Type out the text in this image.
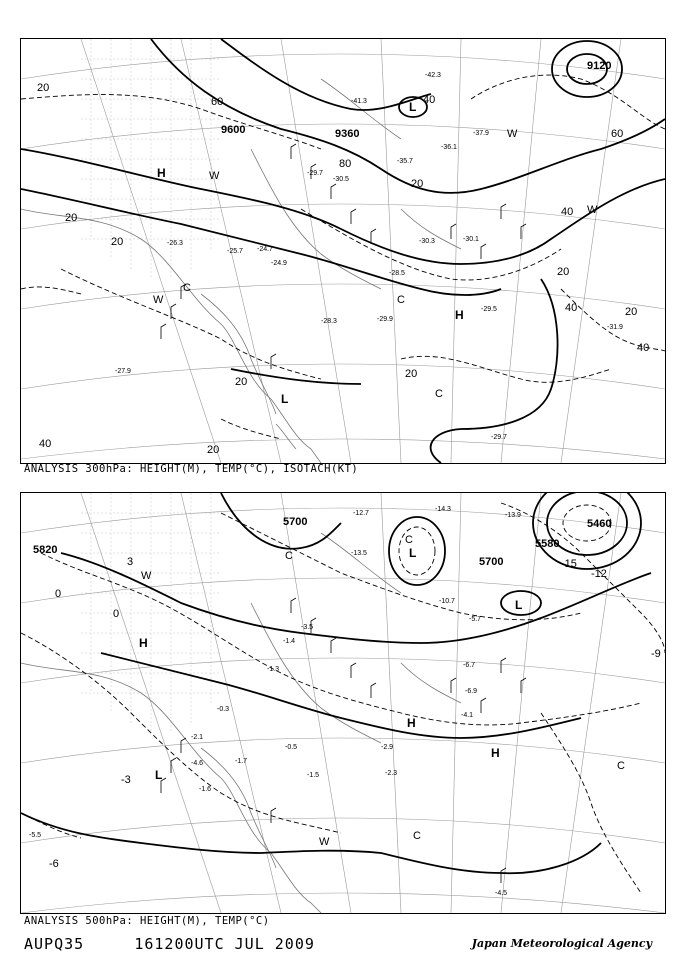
9600	9360
9120
20
20
20
20
20
20
20
20
20
40
40
40
40
40
60
60
80
H
L
H
L
C
C
C
W
W
W
W
-41.3
-42.3
-35.7
-37.9
-36.1
-30.5
-30.3	-30.1
-29.7
-28.5
-28.3	-29.9
-29.5
-31.9
-26.3
-27.9
-25.7 -24.7
-24.9
-29.7
ANALYSIS 300hPa: HEIGHT(M), TEMP(°C), ISOTACH(KT)
5820
5700
5700
5580
5460
0
0
-3
3
-6
-9
-12
-15
H
L
H
H
L
L
C
C
C
C
W
W
-12.7
-13.5
-14.3
-13.9
-10.7
-5.7
-6.7
-6.9
-4.1
-4.5
-2.9
-2.3
-1.5
-0.5
-1.7
-2.1
-4.6
-3.5
-1.3
-0.3
-1.4
-1.6
-5.5
ANALYSIS 500hPa: HEIGHT(M), TEMP(°C)
AUPQ35	161200UTC JUL 2009	Japan Meteorological Agency
